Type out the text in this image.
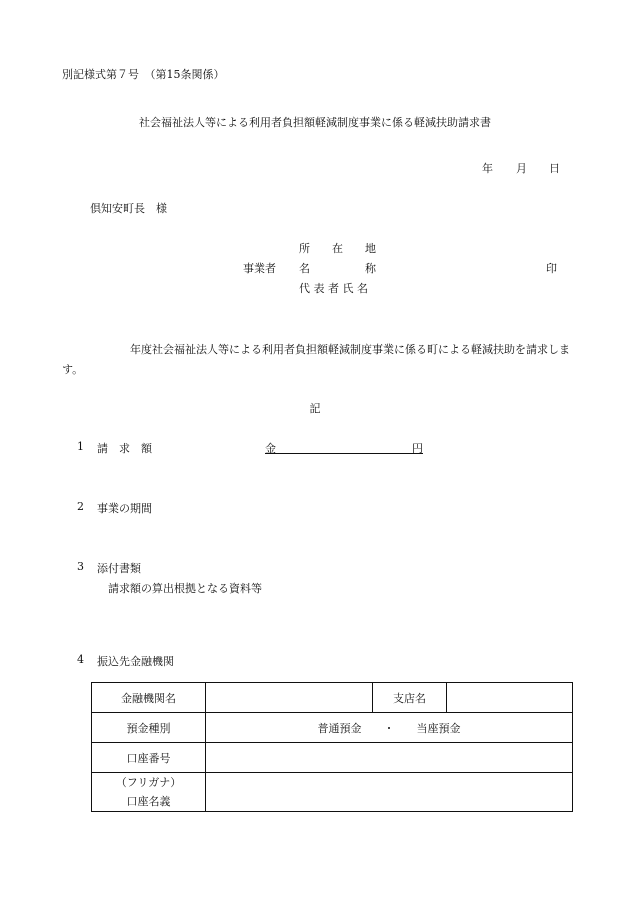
別記様式第７号　（第15条関係）
社会福祉法人等による利用者負担額軽減制度事業に係る軽減扶助請求書
年 月 日
倶知安町長　様
所　　在　　地
事業者 名　　　　　称	印
代 表 者 氏 名
年度社会福祉法人等による利用者負担額軽減制度事業に係る町による軽減扶助を請求します。
記
1 請　求　額	金	円
2 事業の期間
3 添付書類
請求額の算出根拠となる資料等
4 振込先金融機関
金融機関名		支店名	
預金種別	普通預金　　・　　当座預金		
口座番号			

（フリガナ）
口座名義			
